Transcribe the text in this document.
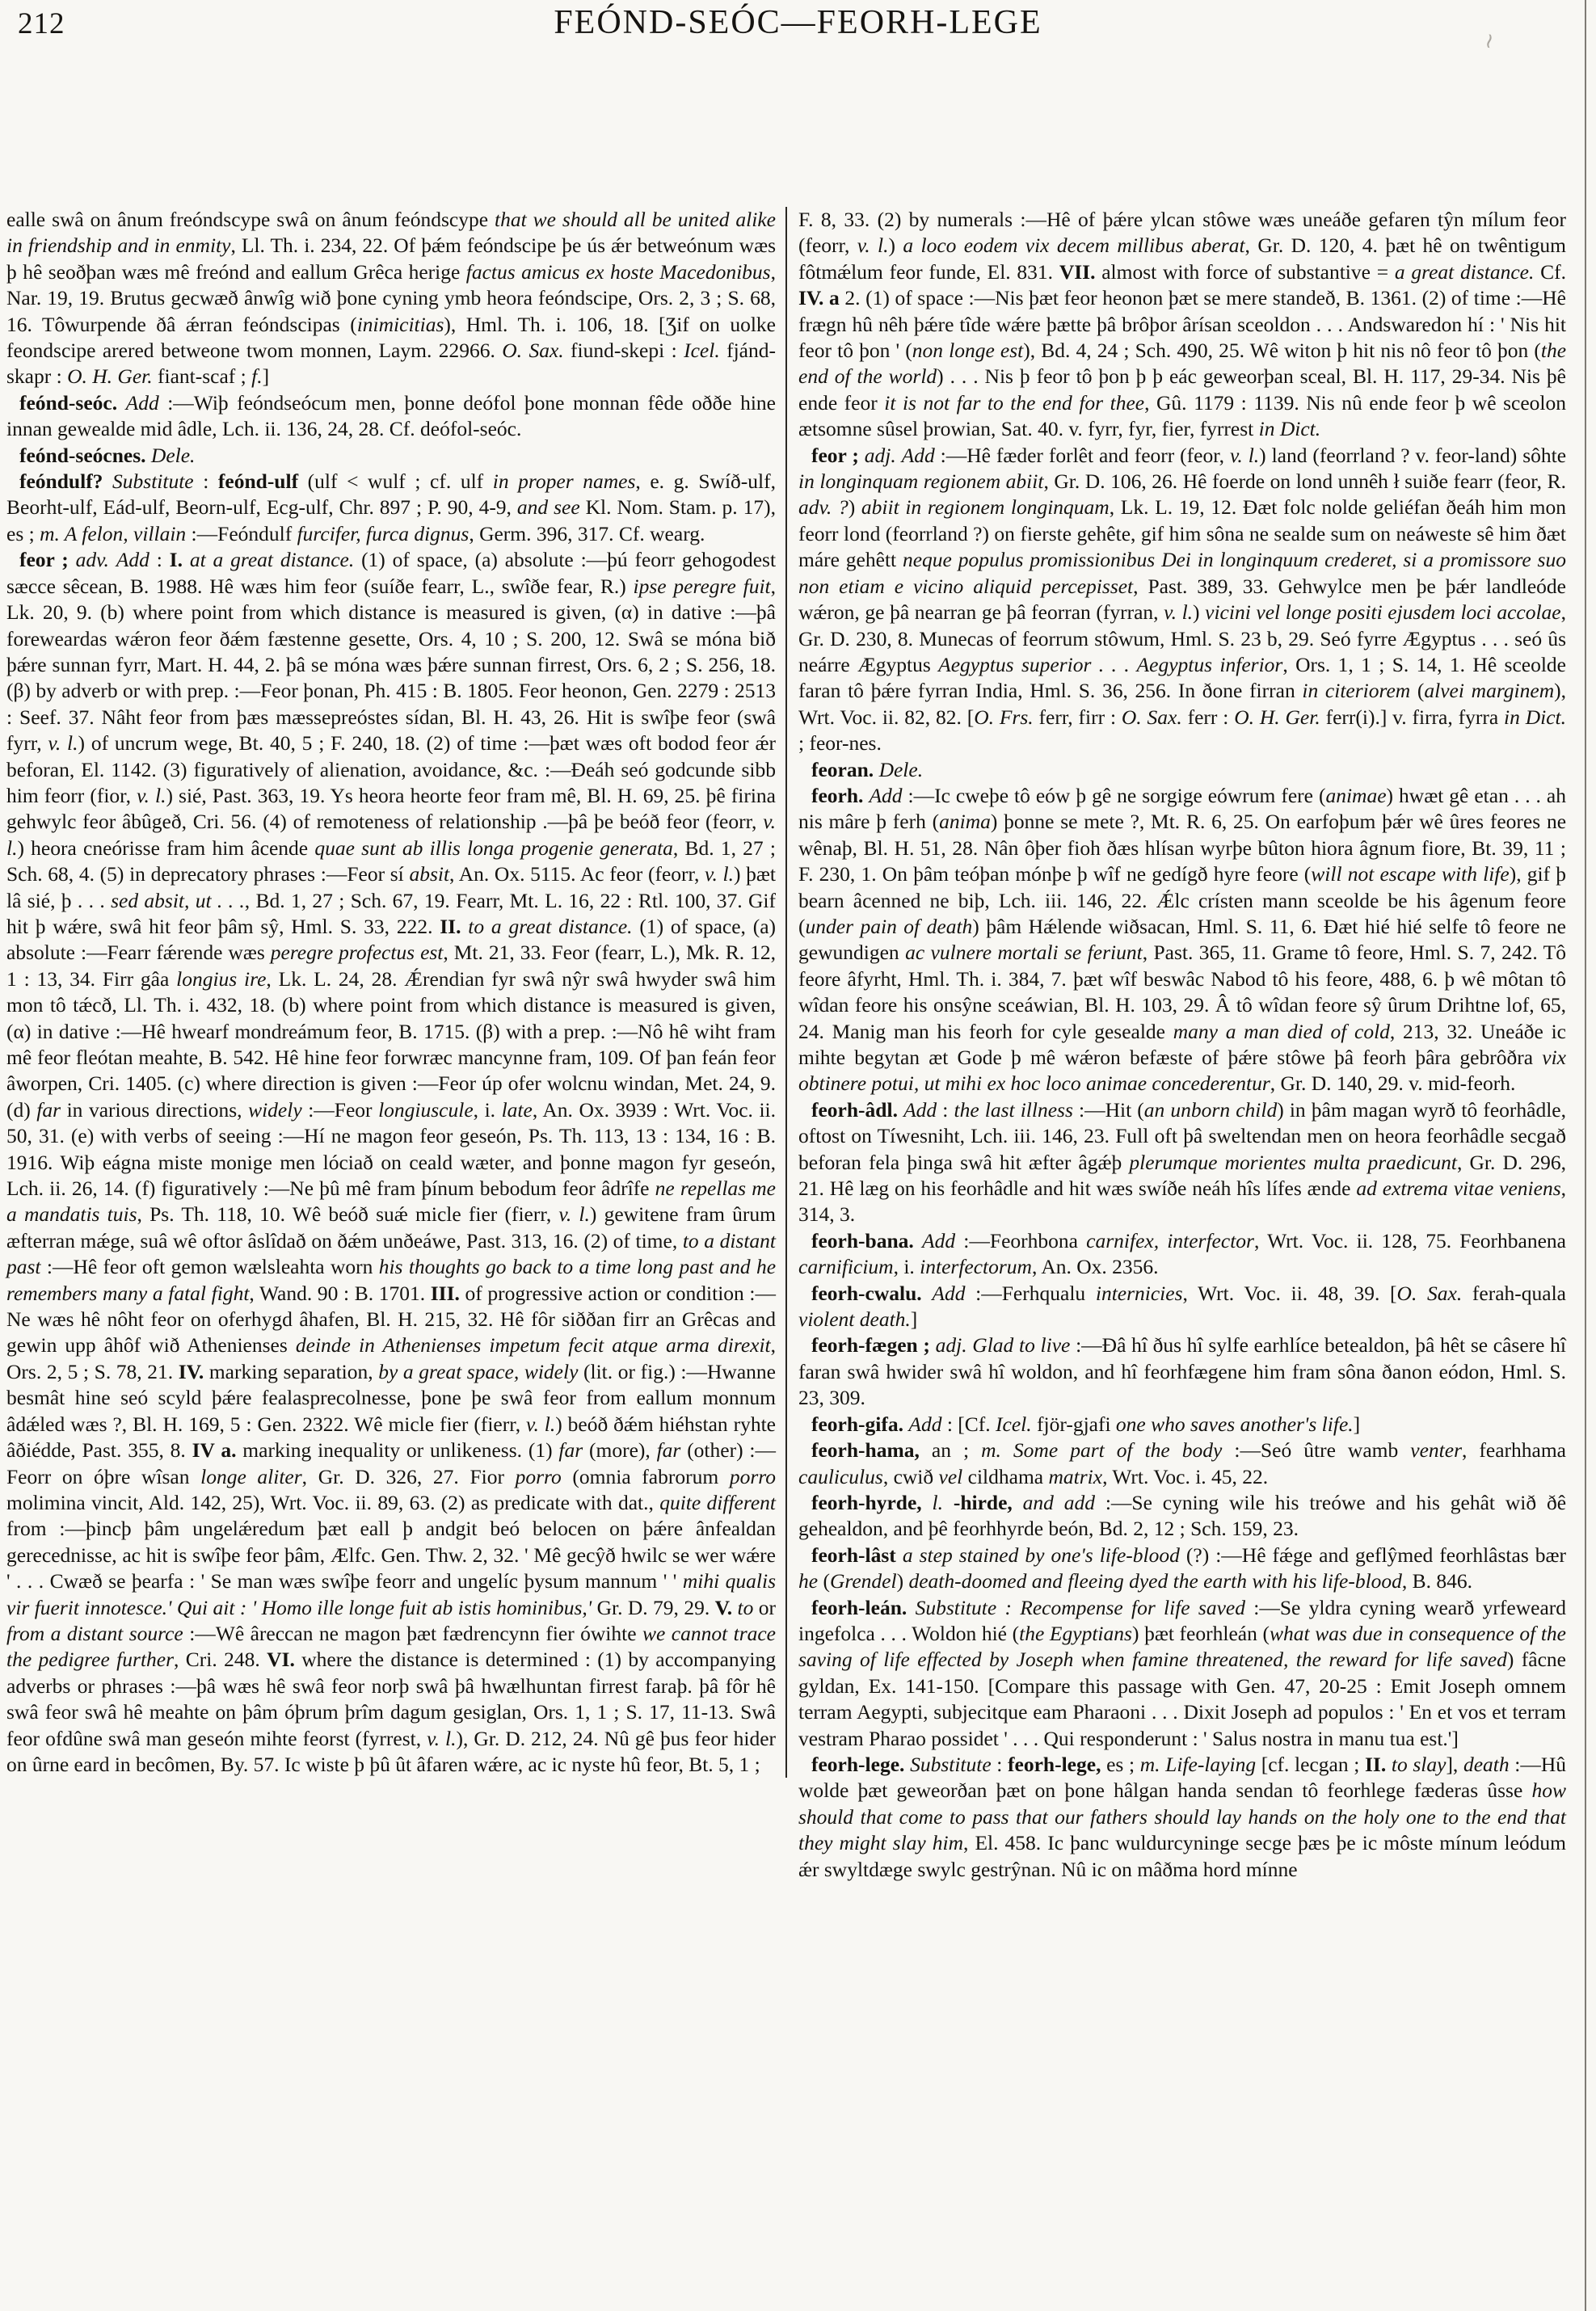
212	FEÓND-SEÓC—FEORH-LEGE	≀

ealle swâ on ânum freóndscype swâ on ânum feóndscype that we should all be united alike in friendship and in enmity, Ll. Th. i. 234, 22. Of þǽm feóndscipe þe ús ǽr betweónum wæs þ hê seoðþan wæs mê freónd and eallum Grêca herige factus amicus ex hoste Macedonibus, Nar. 19, 19. Brutus gecwæð ânwîg wið þone cyning ymb heora feóndscipe, Ors. 2, 3 ; S. 68, 16. Tôwurpende ðâ ǽrran feóndscipas (inimicitias), Hml. Th. i. 106, 18. [Ʒif on uolke feondscipe arered betweone twom monnen, Laym. 22966. O. Sax. fiund-skepi : Icel. fjánd-skapr : O. H. Ger. fiant-scaf ; f.]

feónd-seóc. Add :—Wiþ feóndseócum men, þonne deófol þone monnan fêde oððe hine innan gewealde mid âdle, Lch. ii. 136, 24, 28. Cf. deófol-seóc.

feónd-seócnes. Dele.

feóndulf? Substitute : feónd-ulf (ulf < wulf ; cf. ulf in proper names, e. g. Swíð-ulf, Beorht-ulf, Eád-ulf, Beorn-ulf, Ecg-ulf, Chr. 897 ; P. 90, 4-9, and see Kl. Nom. Stam. p. 17), es ; m. A felon, villain :—Feóndulf furcifer, furca dignus, Germ. 396, 317. Cf. wearg.

feor ; adv. Add : I. at a great distance. (1) of space, (a) absolute :—þú feorr gehogodest sæcce sêcean, B. 1988. Hê wæs him feor (suíðe fearr, L., swîðe fear, R.) ipse peregre fuit, Lk. 20, 9. (b) where point from which distance is measured is given, (α) in dative :—þâ foreweardas wǽron feor ðǽm fæstenne gesette, Ors. 4, 10 ; S. 200, 12. Swâ se móna bið þǽre sunnan fyrr, Mart. H. 44, 2. þâ se móna wæs þǽre sunnan firrest, Ors. 6, 2 ; S. 256, 18. (β) by adverb or with prep. :—Feor þonan, Ph. 415 : B. 1805. Feor heonon, Gen. 2279 : 2513 : Seef. 37. Nâht feor from þæs mæssepreóstes sídan, Bl. H. 43, 26. Hit is swîþe feor (swâ fyrr, v. l.) of uncrum wege, Bt. 40, 5 ; F. 240, 18. (2) of time :—þæt wæs oft bodod feor ǽr beforan, El. 1142. (3) figuratively of alienation, avoidance, &c. :—Ðeáh seó godcunde sibb him feorr (fior, v. l.) sié, Past. 363, 19. Ys heora heorte feor fram mê, Bl. H. 69, 25. þê firina gehwylc feor âbûgeð, Cri. 56. (4) of remoteness of relationship .—þâ þe beóð feor (feorr, v. l.) heora cneórisse fram him âcende quae sunt ab illis longa progenie generata, Bd. 1, 27 ; Sch. 68, 4. (5) in deprecatory phrases :—Feor sí absit, An. Ox. 5115. Ac feor (feorr, v. l.) þæt lâ sié, þ . . . sed absit, ut . . ., Bd. 1, 27 ; Sch. 67, 19. Fearr, Mt. L. 16, 22 : Rtl. 100, 37. Gif hit þ wǽre, swâ hit feor þâm sŷ, Hml. S. 33, 222. II. to a great distance. (1) of space, (a) absolute :—Fearr fǽrende wæs peregre profectus est, Mt. 21, 33. Feor (fearr, L.), Mk. R. 12, 1 : 13, 34. Firr gâa longius ire, Lk. L. 24, 28. Ǽrendian fyr swâ nŷr swâ hwyder swâ him mon tô tǽcð, Ll. Th. i. 432, 18. (b) where point from which distance is measured is given, (α) in dative :—Hê hwearf mondreámum feor, B. 1715. (β) with a prep. :—Nô hê wiht fram mê feor fleótan meahte, B. 542. Hê hine feor forwræc mancynne fram, 109. Of þan feán feor âworpen, Cri. 1405. (c) where direction is given :—Feor úp ofer wolcnu windan, Met. 24, 9. (d) far in various directions, widely :—Feor longiuscule, i. late, An. Ox. 3939 : Wrt. Voc. ii. 50, 31. (e) with verbs of seeing :—Hí ne magon feor geseón, Ps. Th. 113, 13 : 134, 16 : B. 1916. Wiþ eágna miste monige men lóciað on ceald wæter, and þonne magon fyr geseón, Lch. ii. 26, 14. (f) figuratively :—Ne þû mê fram þínum bebodum feor âdrîfe ne repellas me a mandatis tuis, Ps. Th. 118, 10. Wê beóð suǽ micle fier (fierr, v. l.) gewitene fram ûrum æfterran mǽge, suâ wê oftor âslîdað on ðǽm unðeáwe, Past. 313, 16. (2) of time, to a distant past :—Hê feor oft gemon wælsleahta worn his thoughts go back to a time long past and he remembers many a fatal fight, Wand. 90 : B. 1701. III. of progressive action or condition :—Ne wæs hê nôht feor on oferhygd âhafen, Bl. H. 215, 32. Hê fôr siððan firr an Grêcas and gewin upp âhôf wið Athenienses deinde in Athenienses impetum fecit atque arma direxit, Ors. 2, 5 ; S. 78, 21. IV. marking separation, by a great space, widely (lit. or fig.) :—Hwanne besmât hine seó scyld þǽre fealasprecolnesse, þone þe swâ feor from eallum monnum âdǽled wæs ?, Bl. H. 169, 5 : Gen. 2322. Wê micle fier (fierr, v. l.) beóð ðǽm hiéhstan ryhte âðiédde, Past. 355, 8. IV a. marking inequality or unlikeness. (1) far (more), far (other) :—Feorr on óþre wîsan longe aliter, Gr. D. 326, 27. Fior porro (omnia fabrorum porro molimina vincit, Ald. 142, 25), Wrt. Voc. ii. 89, 63. (2) as predicate with dat., quite different from :—þincþ þâm ungelǽredum þæt eall þ andgit beó belocen on þǽre ânfealdan gerecednisse, ac hit is swîþe feor þâm, Ælfc. Gen. Thw. 2, 32. ' Mê gecŷð hwilc se wer wǽre ' . . . Cwæð se þearfa : ' Se man wæs swîþe feorr and ungelíc þysum mannum ' ' mihi qualis vir fuerit innotesce.' Qui ait : ' Homo ille longe fuit ab istis hominibus,' Gr. D. 79, 29. V. to or from a distant source :—Wê âreccan ne magon þæt fædrencynn fier ówihte we cannot trace the pedigree further, Cri. 248. VI. where the distance is determined : (1) by accompanying adverbs or phrases :—þâ wæs hê swâ feor norþ swâ þâ hwælhuntan firrest faraþ. þâ fôr hê swâ feor swâ hê meahte on þâm óþrum þrîm dagum gesiglan, Ors. 1, 1 ; S. 17, 11-13. Swâ feor ofdûne swâ man geseón mihte feorst (fyrrest, v. l.), Gr. D. 212, 24. Nû gê þus feor hider on ûrne eard in becômen, By. 57. Ic wiste þ þû ût âfaren wǽre, ac ic nyste hû feor, Bt. 5, 1 ;

F. 8, 33. (2) by numerals :—Hê of þǽre ylcan stôwe wæs uneáðe gefaren tŷn mílum feor (feorr, v. l.) a loco eodem vix decem millibus aberat, Gr. D. 120, 4. þæt hê on twêntigum fôtmǽlum feor funde, El. 831. VII. almost with force of substantive = a great distance. Cf. IV. a 2. (1) of space :—Nis þæt feor heonon þæt se mere standeð, B. 1361. (2) of time :—Hê frægn hû nêh þǽre tîde wǽre þætte þâ brôþor ârísan sceoldon . . . Andswaredon hí : ' Nis hit feor tô þon ' (non longe est), Bd. 4, 24 ; Sch. 490, 25. Wê witon þ hit nis nô feor tô þon (the end of the world) . . . Nis þ feor tô þon þ þ eác geweorþan sceal, Bl. H. 117, 29-34. Nis þê ende feor it is not far to the end for thee, Gû. 1179 : 1139. Nis nû ende feor þ wê sceolon ætsomne sûsel þrowian, Sat. 40. v. fyrr, fyr, fier, fyrrest in Dict.

feor ; adj. Add :—Hê fæder forlêt and feorr (feor, v. l.) land (feorrland ? v. feor-land) sôhte in longinquam regionem abiit, Gr. D. 106, 26. Hê foerde on lond unnêh ł suiðe fearr (feor, R. adv. ?) abiit in regionem longinquam, Lk. L. 19, 12. Ðæt folc nolde geliéfan ðeáh him mon feorr lond (feorrland ?) on fierste gehête, gif him sôna ne sealde sum on neáweste sê him ðæt máre gehêtt neque populus promissionibus Dei in longinquum crederet, si a promissore suo non etiam e vicino aliquid percepisset, Past. 389, 33. Gehwylce men þe þǽr landleóde wǽron, ge þâ nearran ge þâ feorran (fyrran, v. l.) vicini vel longe positi ejusdem loci accolae, Gr. D. 230, 8. Munecas of feorrum stôwum, Hml. S. 23 b, 29. Seó fyrre Ægyptus . . . seó ûs neárre Ægyptus Aegyptus superior . . . Aegyptus inferior, Ors. 1, 1 ; S. 14, 1. Hê sceolde faran tô þǽre fyrran India, Hml. S. 36, 256. In ðone firran in citeriorem (alvei marginem), Wrt. Voc. ii. 82, 82. [O. Frs. ferr, firr : O. Sax. ferr : O. H. Ger. ferr(i).] v. firra, fyrra in Dict. ; feor-nes.

feoran. Dele.

feorh. Add :—Ic cweþe tô eów þ gê ne sorgige eówrum fere (animae) hwæt gê etan . . . ah nis mâre þ ferh (anima) þonne se mete ?, Mt. R. 6, 25. On earfoþum þǽr wê ûres feores ne wênaþ, Bl. H. 51, 28. Nân ôþer fioh ðæs hlísan wyrþe bûton hiora âgnum fiore, Bt. 39, 11 ; F. 230, 1. On þâm teóþan mónþe þ wîf ne gedígð hyre feore (will not escape with life), gif þ bearn âcenned ne biþ, Lch. iii. 146, 22. Ǽlc crísten mann sceolde be his âgenum feore (under pain of death) þâm Hǽlende wiðsacan, Hml. S. 11, 6. Ðæt hié hié selfe tô feore ne gewundigen ac vulnere mortali se feriunt, Past. 365, 11. Grame tô feore, Hml. S. 7, 242. Tô feore âfyrht, Hml. Th. i. 384, 7. þæt wîf beswâc Nabod tô his feore, 488, 6. þ wê môtan tô wîdan feore his onsŷne sceáwian, Bl. H. 103, 29. Â tô wîdan feore sŷ ûrum Drihtne lof, 65, 24. Manig man his feorh for cyle gesealde many a man died of cold, 213, 32. Uneáðe ic mihte begytan æt Gode þ mê wǽron befæste of þǽre stôwe þâ feorh þâra gebrôðra vix obtinere potui, ut mihi ex hoc loco animae concederentur, Gr. D. 140, 29. v. mid-feorh.

feorh-âdl. Add : the last illness :—Hit (an unborn child) in þâm magan wyrð tô feorhâdle, oftost on Tíwesniht, Lch. iii. 146, 23. Full oft þâ sweltendan men on heora feorhâdle secgað beforan fela þinga swâ hit æfter âgǽþ plerumque morientes multa praedicunt, Gr. D. 296, 21. Hê læg on his feorhâdle and hit wæs swíðe neáh hîs lífes ænde ad extrema vitae veniens, 314, 3.

feorh-bana. Add :—Feorhbona carnifex, interfector, Wrt. Voc. ii. 128, 75. Feorhbanena carnificium, i. interfectorum, An. Ox. 2356.

feorh-cwalu. Add :—Ferhqualu internicies, Wrt. Voc. ii. 48, 39. [O. Sax. ferah-quala violent death.]

feorh-fægen ; adj. Glad to live :—Ðâ hî ðus hî sylfe earhlíce betealdon, þâ hêt se câsere hî faran swâ hwider swâ hî woldon, and hî feorhfægene him fram sôna ðanon eódon, Hml. S. 23, 309.

feorh-gifa. Add : [Cf. Icel. fjör-gjafi one who saves another's life.]

feorh-hama, an ; m. Some part of the body :—Seó ûtre wamb venter, fearhhama cauliculus, cwið vel cildhama matrix, Wrt. Voc. i. 45, 22.

feorh-hyrde, l. -hirde, and add :—Se cyning wile his treówe and his gehât wið ðê gehealdon, and þê feorhhyrde beón, Bd. 2, 12 ; Sch. 159, 23.

feorh-lâst a step stained by one's life-blood (?) :—Hê fǽge and geflŷmed feorhlâstas bær he (Grendel) death-doomed and fleeing dyed the earth with his life-blood, B. 846.

feorh-leán. Substitute : Recompense for life saved :—Se yldra cyning wearð yrfeweard ingefolca . . . Woldon hié (the Egyptians) þæt feorhleán (what was due in consequence of the saving of life effected by Joseph when famine threatened, the reward for life saved) fâcne gyldan, Ex. 141-150. [Compare this passage with Gen. 47, 20-25 : Emit Joseph omnem terram Aegypti, subjecitque eam Pharaoni . . . Dixit Joseph ad populos : ' En et vos et terram vestram Pharao possidet ' . . . Qui responderunt : ' Salus nostra in manu tua est.']

feorh-lege. Substitute : feorh-lege, es ; m. Life-laying [cf. lecgan ; II. to slay], death :—Hû wolde þæt geweorðan þæt on þone hâlgan handa sendan tô feorhlege fæderas ûsse how should that come to pass that our fathers should lay hands on the holy one to the end that they might slay him, El. 458. Ic þanc wuldurcyninge secge þæs þe ic môste mínum leódum ǽr swyltdæge swylc gestrŷnan. Nû ic on mâðma hord mínne
